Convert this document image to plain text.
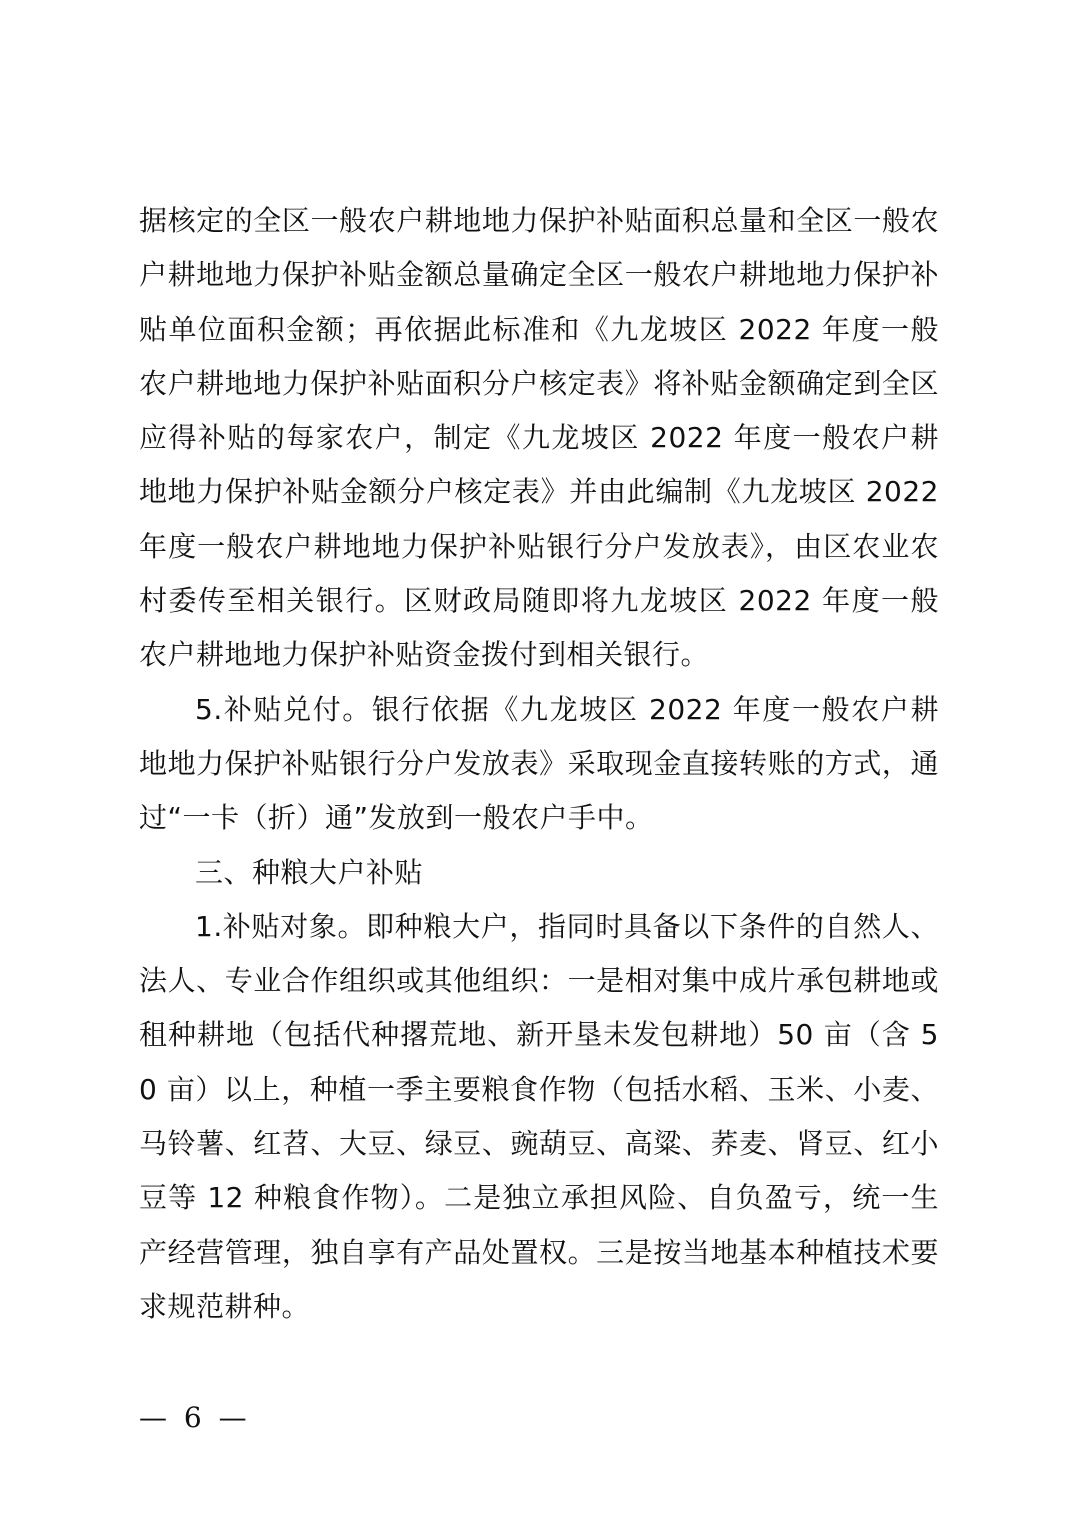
据核定的全区一般农户耕地地力保护补贴面积总量和全区一般农户耕地地力保护补贴金额总量确定全区一般农户耕地地力保护补贴单位面积金额；再依据此标准和《九龙坡区 2022 年度一般农户耕地地力保护补贴面积分户核定表》将补贴金额确定到全区应得补贴的每家农户，制定《九龙坡区 2022 年度一般农户耕地地力保护补贴金额分户核定表》并由此编制《九龙坡区 2022 年度一般农户耕地地力保护补贴银行分户发放表》，由区农业农村委传至相关银行。区财政局随即将九龙坡区 2022 年度一般农户耕地地力保护补贴资金拨付到相关银行。

5.补贴兑付。银行依据《九龙坡区 2022 年度一般农户耕地地力保护补贴银行分户发放表》采取现金直接转账的方式，通过“一卡（折）通”发放到一般农户手中。

三、种粮大户补贴

1.补贴对象。即种粮大户，指同时具备以下条件的自然人、法人、专业合作组织或其他组织：一是相对集中成片承包耕地或租种耕地（包括代种撂荒地、新开垦未发包耕地）50 亩（含 50 亩）以上，种植一季主要粮食作物（包括水稻、玉米、小麦、马铃薯、红苕、大豆、绿豆、豌葫豆、高粱、荞麦、肾豆、红小豆等 12 种粮食作物）。二是独立承担风险、自负盈亏，统一生产经营管理，独自享有产品处置权。三是按当地基本种植技术要求规范耕种。

— 6 —
